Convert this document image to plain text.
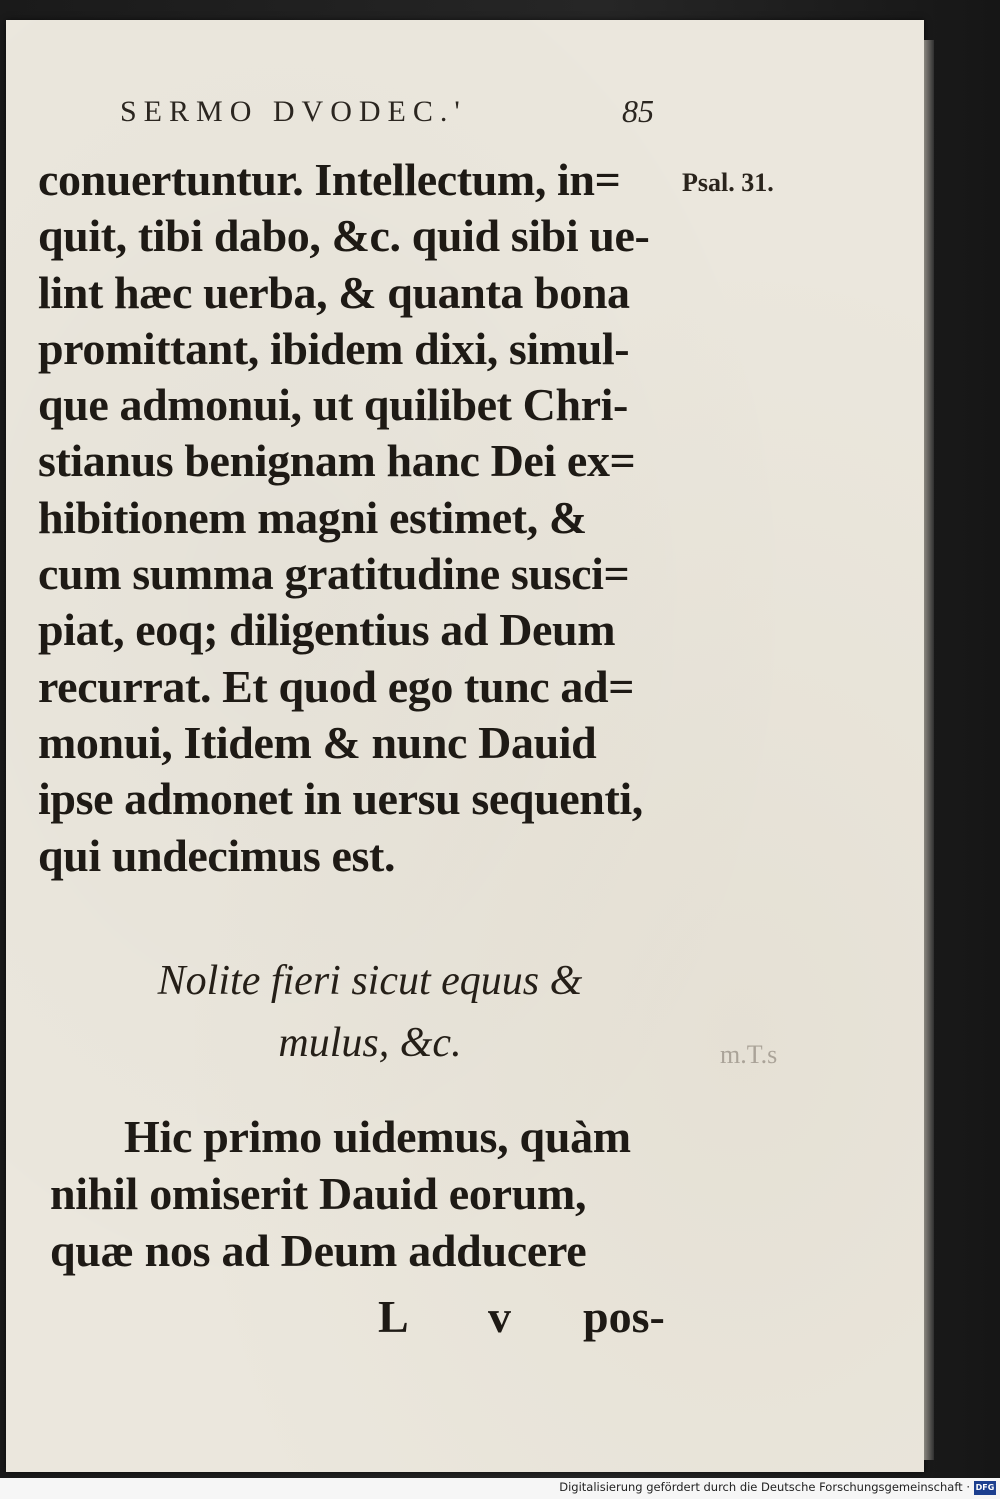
SERMO DVODEC.'	85
Psal. 31.
conuertuntur. Intellectum, in=
quit, tibi dabo, &c. quid sibi ue-
lint hæc uerba, & quanta bona
promittant, ibidem dixi, simul-
que admonui, ut quilibet Chri-
stianus benignam hanc Dei ex=
hibitionem magni estimet, &
cum summa gratitudine susci=
piat, eoq; diligentius ad Deum
recurrat. Et quod ego tunc ad=
monui, Itidem & nunc Dauid
ipse admonet in uersu sequenti,
qui undecimus est.
Nolite fieri sicut equus &
mulus, &c.	m.T.s
Hic primo uidemus, quàm
nihil omiserit Dauid eorum,
quæ nos ad Deum adducere
L v pos-
Digitalisierung gefördert durch die Deutsche Forschungsgemeinschaft · DFG
